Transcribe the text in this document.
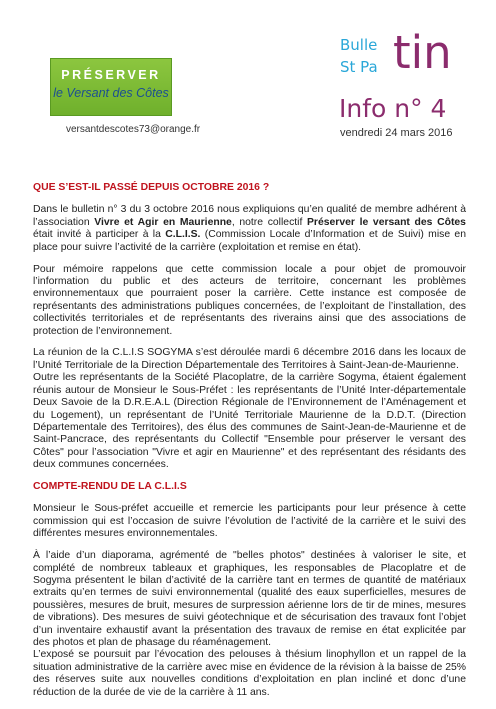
PRÉSERVER
le Versant des Côtes
versantdescotes73@orange.fr
Bulle
St Pa tin
Info n° 4
vendredi 24 mars 2016
QUE S’EST-IL PASSÉ DEPUIS OCTOBRE 2016 ?

Dans le bulletin n° 3 du 3 octobre 2016 nous expliquions qu’en qualité de membre adhérent à l’association Vivre et Agir en Maurienne, notre collectif Préserver le versant des Côtes était invité à participer à la C.L.I.S. (Commission Locale d’Information et de Suivi) mise en place pour suivre l’activité de la carrière (exploitation et remise en état).

Pour mémoire rappelons que cette commission locale a pour objet de promouvoir l’information du public et des acteurs de territoire, concernant les problèmes environnementaux que pourraient poser la carrière. Cette instance est composée de représentants des administrations publiques concernées, de l’exploitant de l’installation, des collectivités territoriales et de représentants des riverains ainsi que des associations de protection de l’environnement.

La réunion de la C.L.I.S SOGYMA s’est déroulée mardi 6 décembre 2016 dans les locaux de l’Unité Territoriale de la Direction Départementale des Territoires à Saint-Jean-de-Maurienne.

Outre les représentants de la Société Placoplatre, de la carrière Sogyma, étaient également réunis autour de Monsieur le Sous-Préfet : les représentants de l’Unité Inter-départementale Deux Savoie de la D.R.E.A.L (Direction Régionale de l’Environnement de l’Aménagement et du Logement), un représentant de l’Unité Territoriale Maurienne de la D.D.T. (Direction Départementale des Territoires), des élus des communes de Saint-Jean-de-Maurienne et de Saint-Pancrace, des représentants du Collectif "Ensemble pour préserver le versant des Côtes" pour l’association "Vivre et agir en Maurienne" et des représentant des résidants des deux communes concernées.

COMPTE-RENDU DE LA C.L.I.S

Monsieur le Sous-préfet accueille et remercie les participants pour leur présence à cette commission qui est l’occasion de suivre l’évolution de l’activité de la carrière et le suivi des différentes mesures environnementales.

À l’aide d’un diaporama, agrémenté de "belles photos" destinées à valoriser le site, et complété de nombreux tableaux et graphiques, les responsables de Placoplatre et de Sogyma présentent le bilan d’activité de la carrière tant en termes de quantité de matériaux extraits qu’en termes de suivi environnemental (qualité des eaux superficielles, mesures de poussières, mesures de bruit, mesures de surpression aérienne lors de tir de mines, mesures de vibrations). Des mesures de suivi géotechnique et de sécurisation des travaux font l’objet d’un inventaire exhaustif avant la présentation des travaux de remise en état explicitée par des photos et plan de phasage du réaménagement.

L’exposé se poursuit par l’évocation des pelouses à thésium linophyllon et un rappel de la situation administrative de la carrière avec mise en évidence de la révision à la baisse de 25% des réserves suite aux nouvelles conditions d’exploitation en plan incliné et donc d’une réduction de la durée de vie de la carrière à 11 ans.
